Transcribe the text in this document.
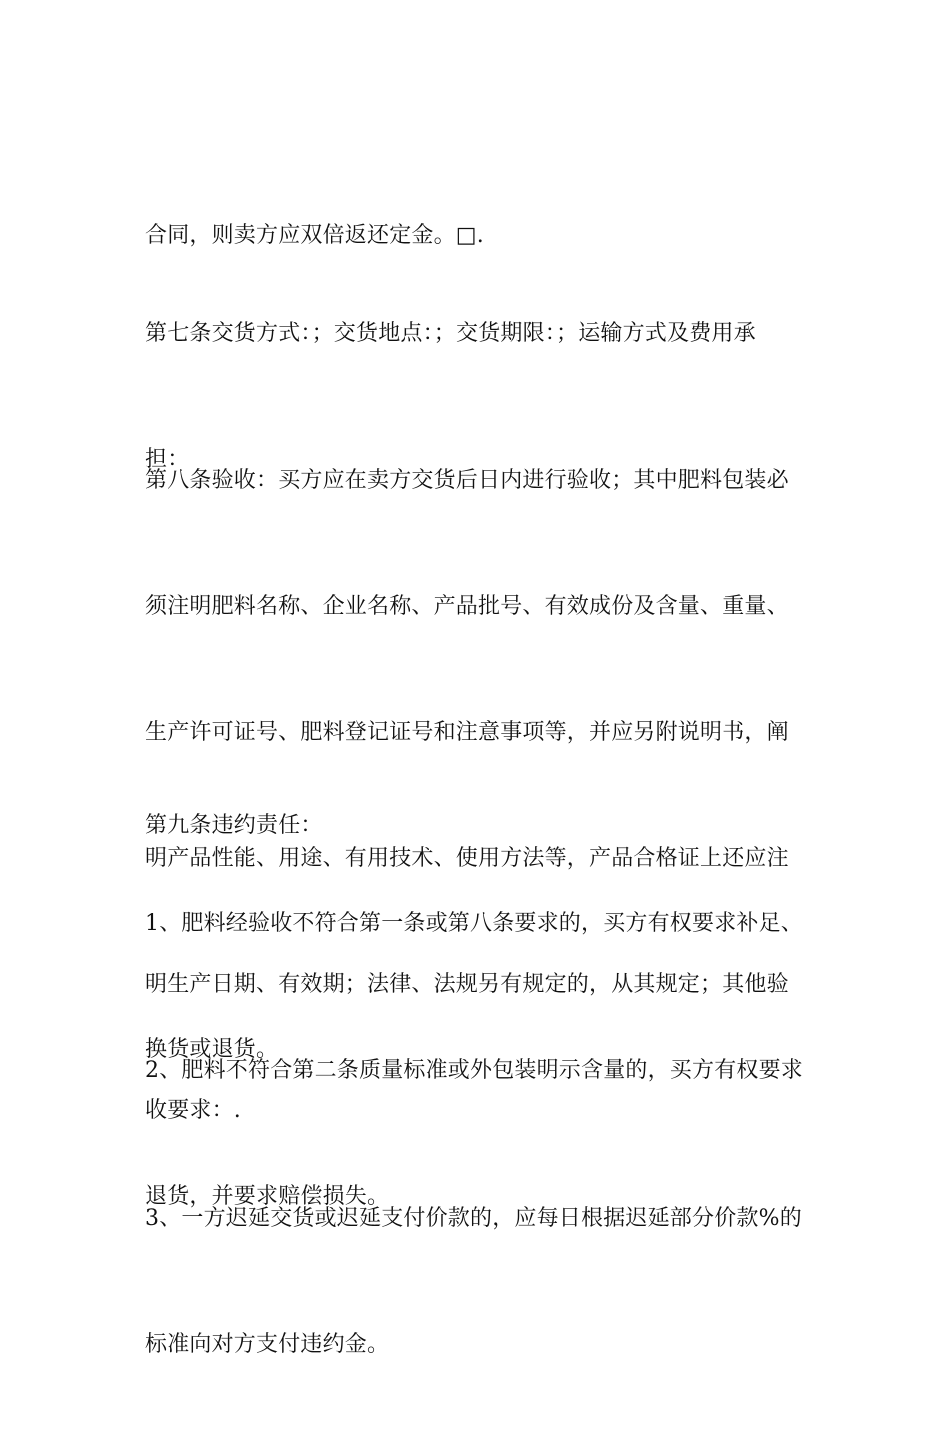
合同，则卖方应双倍返还定金。□.

第七条交货方式：；交货地点：；交货期限：；运输方式及费用承

担：

第八条验收：买方应在卖方交货后日内进行验收；其中肥料包装必

须注明肥料名称、企业名称、产品批号、有效成份及含量、重量、

生产许可证号、肥料登记证号和注意事项等，并应另附说明书，阐

明产品性能、用途、有用技术、使用方法等，产品合格证上还应注

明生产日期、有效期；法律、法规另有规定的，从其规定；其他验

收要求：.

第九条违约责任：

1、肥料经验收不符合第一条或第八条要求的，买方有权要求补足、

换货或退货。

2、肥料不符合第二条质量标准或外包装明示含量的，买方有权要求

退货，并要求赔偿损失。

3、一方迟延交货或迟延支付价款的，应每日根据迟延部分价款%的

标准向对方支付违约金。
